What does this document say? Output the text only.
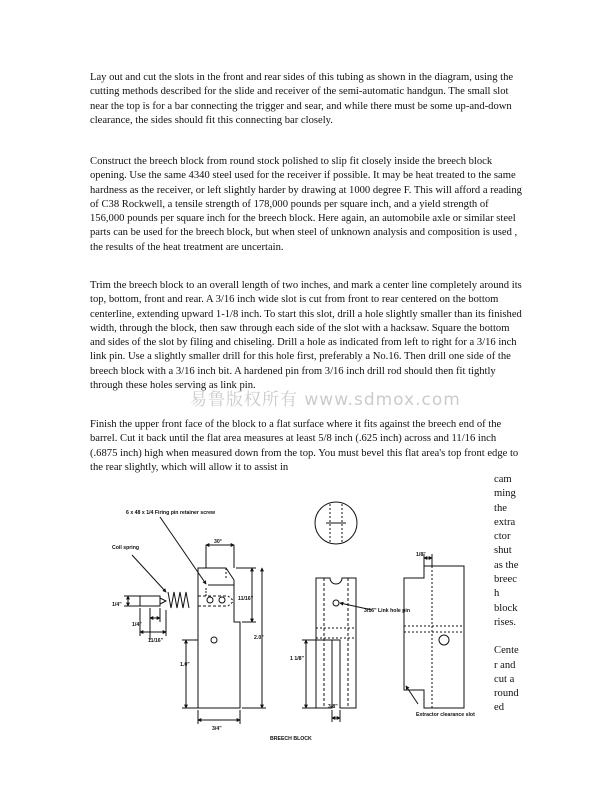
Lay out and cut the slots in the front and rear sides of this tubing as shown in the diagram, using the cutting methods described for the slide and receiver of the semi-automatic handgun. The small slot near the top is for a bar connecting the trigger and sear, and while there must be some up-and-down clearance, the sides should fit this connecting bar closely.

Construct the breech block from round stock polished to slip fit closely inside the breech block opening. Use the same 4340 steel used for the receiver if possible. It may be heat treated to the same hardness as the receiver, or left slightly harder by drawing at 1000 degree F. This will afford a reading of C38 Rockwell, a tensile strength of 178,000 pounds per square inch, and a yield strength of 156,000 pounds per square inch for the breech block. Here again, an automobile axle or similar steel parts can be used for the breech block, but when steel of unknown analysis and composition is used , the results of the heat treatment are uncertain.

Trim the breech block to an overall length of two inches, and mark a center line completely around its top, bottom, front and rear. A 3/16 inch wide slot is cut from front to rear centered on the bottom centerline, extending upward 1-1/8 inch. To start this slot, drill a hole slightly smaller than its finished width, through the block, then saw through each side of the slot with a hacksaw. Square the bottom and sides of the slot by filing and chiseling. Drill a hole as indicated from left to right for a 3/16 inch link pin. Use a slightly smaller drill for this hole first, preferably a No.16. Then drill one side of the breech block with a 3/16 inch bit. A hardened pin from 3/16 inch drill rod should then fit tightly through these holes serving as link pin.

Finish the upper front face of the block to a flat surface where it fits against the breech end of the barrel. Cut it back until the flat area measures at least 5/8 inch (.625 inch) across and 11/16 inch (.6875 inch) high when measured down from the top. You must bevel this flat area's top front edge to the rear slightly, which will allow it to assist in

易鲁版权所有 www.sdmox.com
cam
ming
the
extra
ctor
shut
as the
breec
h
block
rises.
Cente
r and
cut a
round
ed
6 x 48 x 1/4 Firing pin retainer screw
Coil spring
30°
11/16"
2.0"
1.0"
1/4"
1/4"
11/16"
3/4"
1 1/8"
3/8"
1/8"
3/16" Link hole pin
Extractor clearance slot
BREECH BLOCK
